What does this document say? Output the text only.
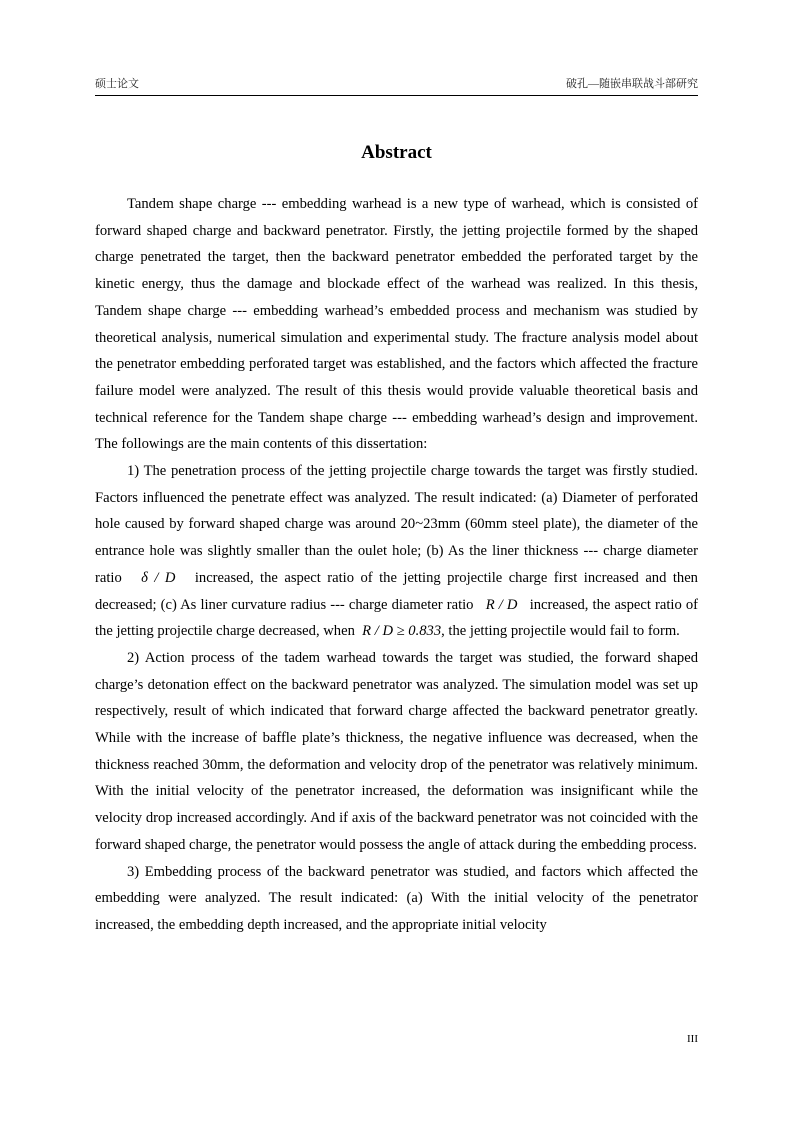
硕士论文	破孔—随嵌串联战斗部研究
Abstract

Tandem shape charge --- embedding warhead is a new type of warhead, which is consisted of forward shaped charge and backward penetrator. Firstly, the jetting projectile formed by the shaped charge penetrated the target, then the backward penetrator embedded the perforated target by the kinetic energy, thus the damage and blockade effect of the warhead was realized. In this thesis, Tandem shape charge --- embedding warhead’s embedded process and mechanism was studied by theoretical analysis, numerical simulation and experimental study. The fracture analysis model about the penetrator embedding perforated target was established, and the factors which affected the fracture failure model were analyzed. The result of this thesis would provide valuable theoretical basis and technical reference for the Tandem shape charge --- embedding warhead’s design and improvement. The followings are the main contents of this dissertation:

1) The penetration process of the jetting projectile charge towards the target was firstly studied. Factors influenced the penetrate effect was analyzed. The result indicated: (a) Diameter of perforated hole caused by forward shaped charge was around 20~23mm (60mm steel plate), the diameter of the entrance hole was slightly smaller than the oulet hole; (b) As the liner thickness --- charge diameter ratio δ / D increased, the aspect ratio of the jetting projectile charge first increased and then decreased; (c) As liner curvature radius --- charge diameter ratio R / D increased, the aspect ratio of the jetting projectile charge decreased, when R / D ≥ 0.833, the jetting projectile would fail to form.

2) Action process of the tadem warhead towards the target was studied, the forward shaped charge’s detonation effect on the backward penetrator was analyzed. The simulation model was set up respectively, result of which indicated that forward charge affected the backward penetrator greatly. While with the increase of baffle plate’s thickness, the negative influence was decreased, when the thickness reached 30mm, the deformation and velocity drop of the penetrator was relatively minimum. With the initial velocity of the penetrator increased, the deformation was insignificant while the velocity drop increased accordingly. And if axis of the backward penetrator was not coincided with the forward shaped charge, the penetrator would possess the angle of attack during the embedding process.

3) Embedding process of the backward penetrator was studied, and factors which affected the embedding were analyzed. The result indicated: (a) With the initial velocity of the penetrator increased, the embedding depth increased, and the appropriate initial velocity

III
